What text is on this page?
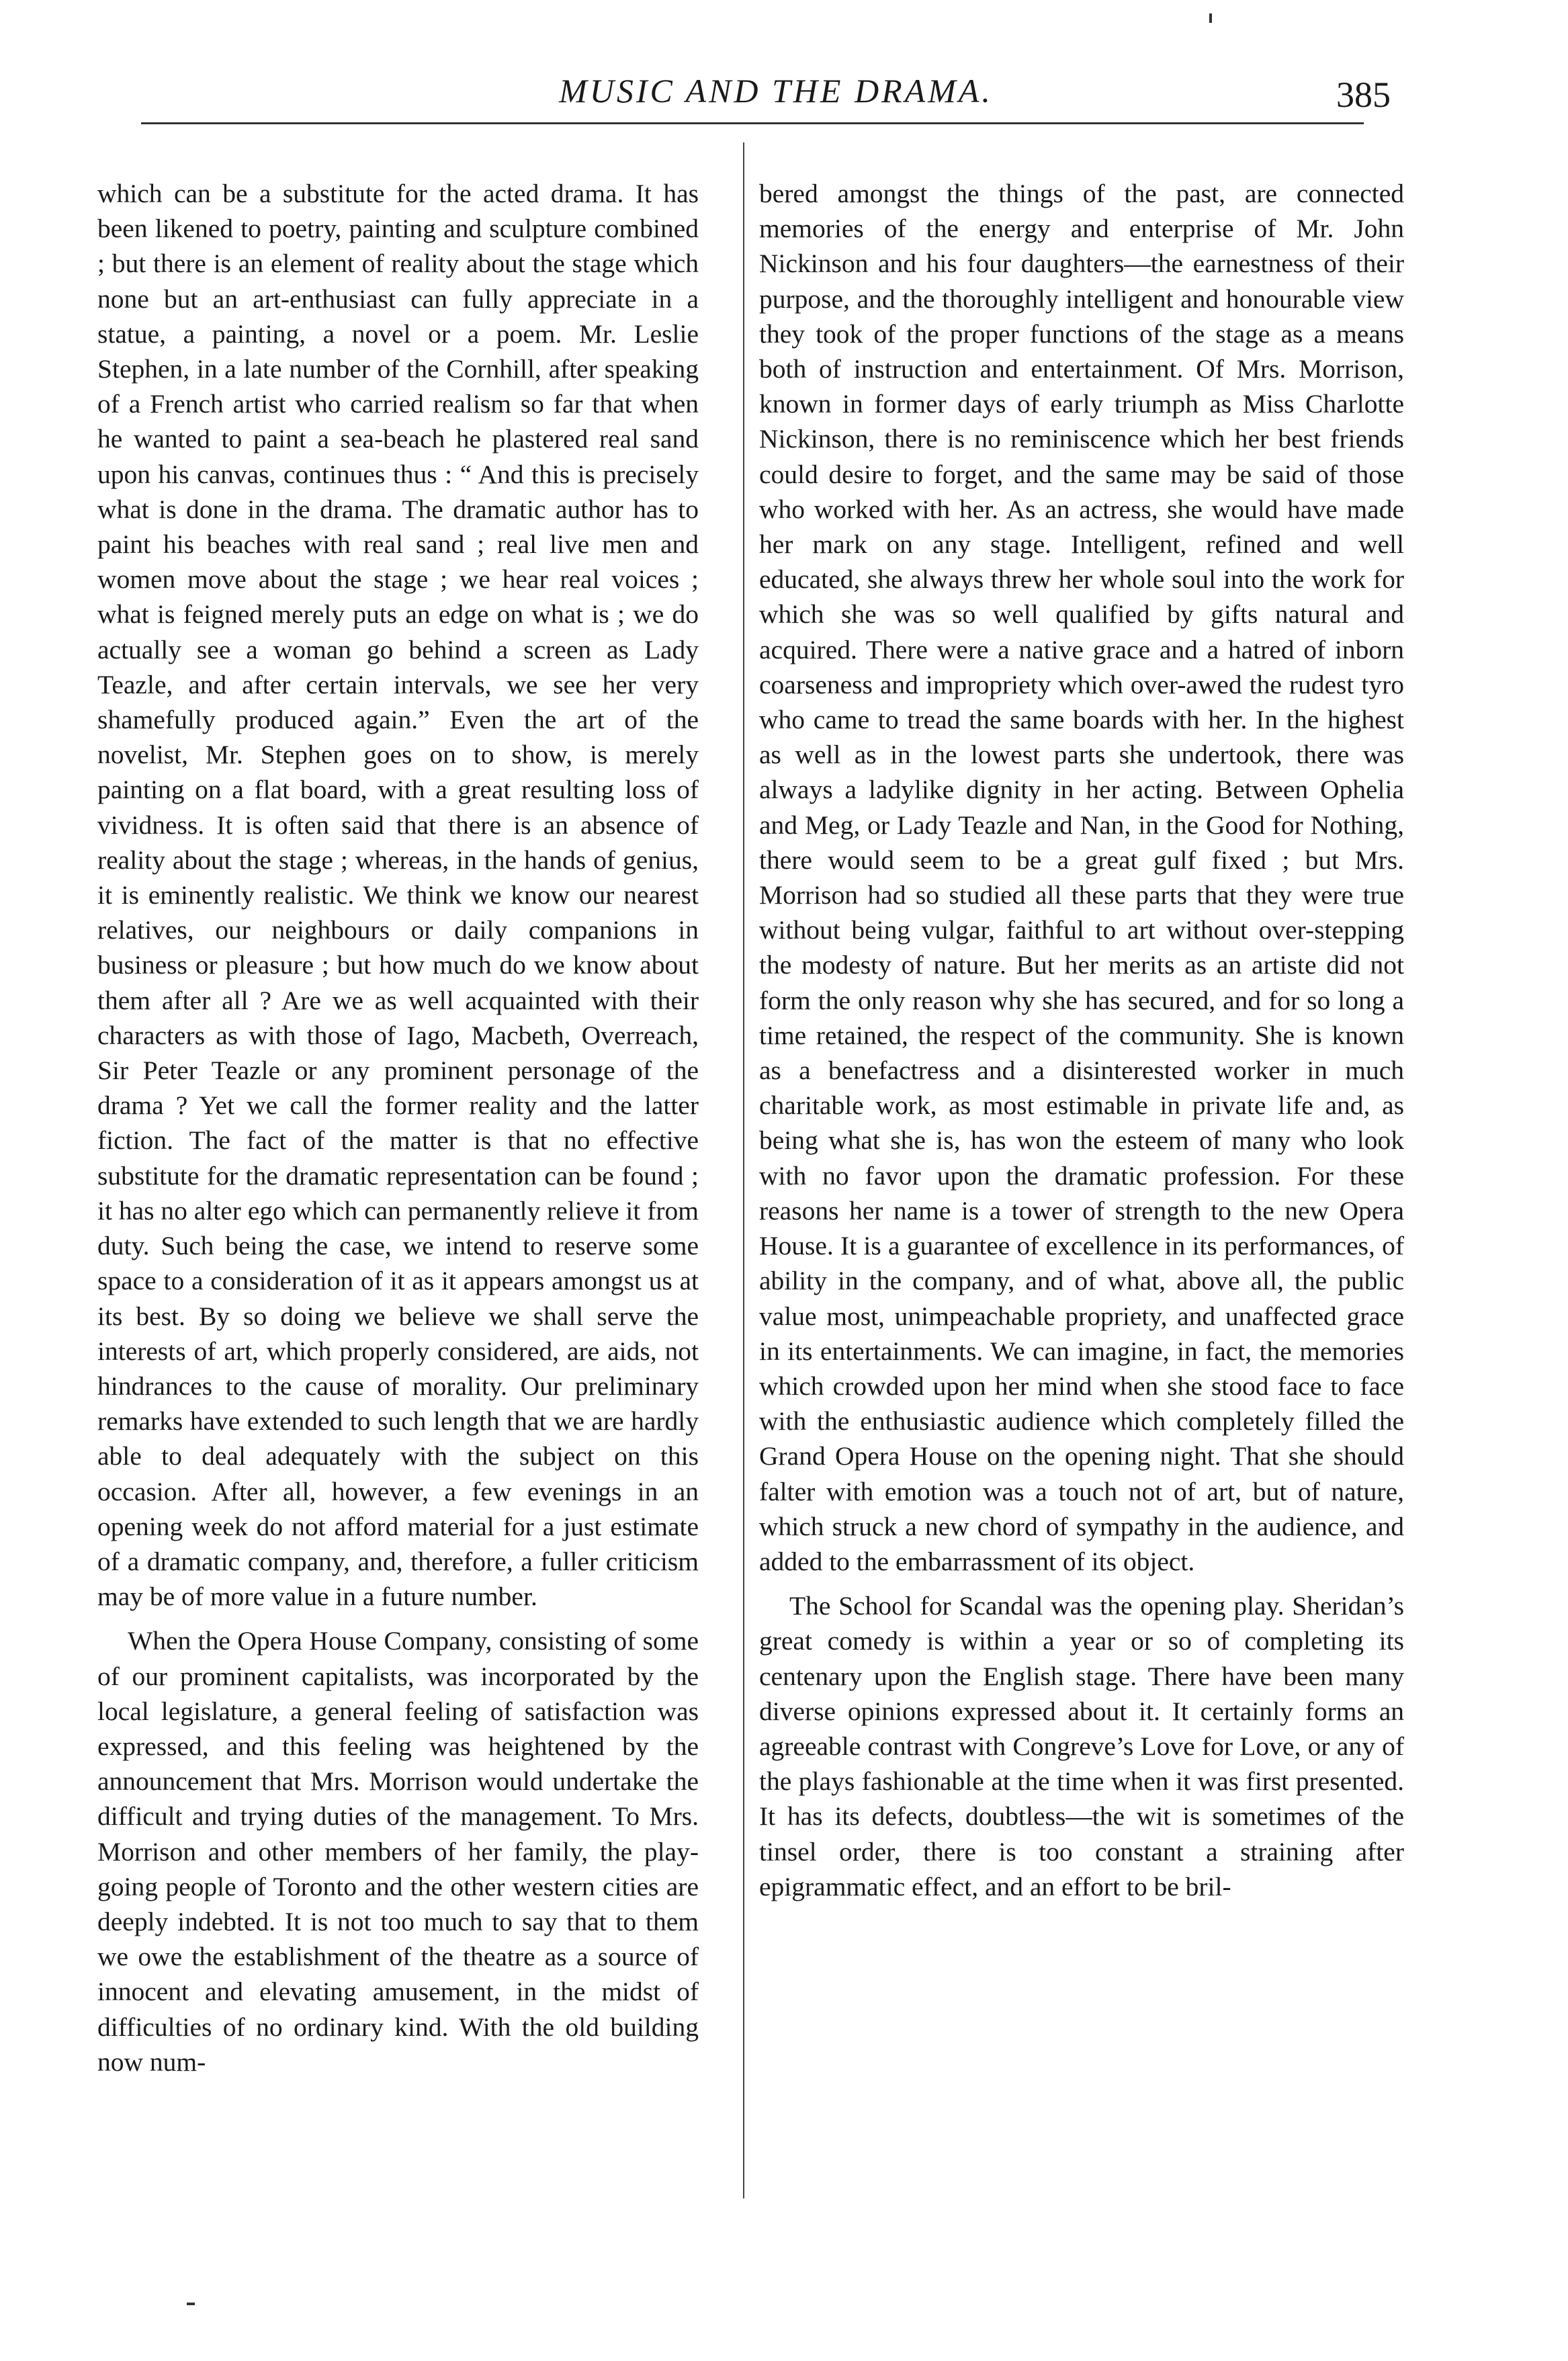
MUSIC AND THE DRAMA.	385

which can be a substitute for the acted drama. It has been likened to poetry, painting and sculpture combined ; but there is an element of reality about the stage which none but an art-enthusiast can fully appreciate in a statue, a painting, a novel or a poem. Mr. Leslie Stephen, in a late number of the Cornhill, after speaking of a French artist who carried realism so far that when he wanted to paint a sea-beach he plastered real sand upon his canvas, continues thus : “ And this is precisely what is done in the drama. The dramatic author has to paint his beaches with real sand ; real live men and women move about the stage ; we hear real voices ; what is feigned merely puts an edge on what is ; we do actually see a woman go behind a screen as Lady Teazle, and after certain intervals, we see her very shamefully produced again.” Even the art of the novelist, Mr. Stephen goes on to show, is merely painting on a flat board, with a great resulting loss of vividness. It is often said that there is an absence of reality about the stage ; whereas, in the hands of genius, it is eminently realistic. We think we know our nearest relatives, our neighbours or daily companions in business or pleasure ; but how much do we know about them after all ? Are we as well acquainted with their characters as with those of Iago, Macbeth, Overreach, Sir Peter Teazle or any prominent personage of the drama ? Yet we call the former reality and the latter fiction. The fact of the matter is that no effective substitute for the dramatic representation can be found ; it has no alter ego which can permanently relieve it from duty. Such being the case, we intend to reserve some space to a consideration of it as it appears amongst us at its best. By so doing we believe we shall serve the interests of art, which properly considered, are aids, not hindrances to the cause of morality. Our preliminary remarks have extended to such length that we are hardly able to deal adequately with the subject on this occasion. After all, however, a few evenings in an opening week do not afford material for a just estimate of a dramatic company, and, therefore, a fuller criticism may be of more value in a future number.

When the Opera House Company, consisting of some of our prominent capitalists, was incorporated by the local legislature, a general feeling of satisfaction was expressed, and this feeling was heightened by the announcement that Mrs. Morrison would undertake the difficult and trying duties of the management. To Mrs. Morrison and other members of her family, the play-going people of Toronto and the other western cities are deeply indebted. It is not too much to say that to them we owe the establishment of the theatre as a source of innocent and elevating amusement, in the midst of difficulties of no ordinary kind. With the old building now num-

bered amongst the things of the past, are connected memories of the energy and enterprise of Mr. John Nickinson and his four daughters—the earnestness of their purpose, and the thoroughly intelligent and honourable view they took of the proper functions of the stage as a means both of instruction and entertainment. Of Mrs. Morrison, known in former days of early triumph as Miss Charlotte Nickinson, there is no reminiscence which her best friends could desire to forget, and the same may be said of those who worked with her. As an actress, she would have made her mark on any stage. Intelligent, refined and well educated, she always threw her whole soul into the work for which she was so well qualified by gifts natural and acquired. There were a native grace and a hatred of inborn coarseness and impropriety which over-awed the rudest tyro who came to tread the same boards with her. In the highest as well as in the lowest parts she undertook, there was always a ladylike dignity in her acting. Between Ophelia and Meg, or Lady Teazle and Nan, in the Good for Nothing, there would seem to be a great gulf fixed ; but Mrs. Morrison had so studied all these parts that they were true without being vulgar, faithful to art without over-stepping the modesty of nature. But her merits as an artiste did not form the only reason why she has secured, and for so long a time retained, the respect of the community. She is known as a benefactress and a disinterested worker in much charitable work, as most estimable in private life and, as being what she is, has won the esteem of many who look with no favor upon the dramatic profession. For these reasons her name is a tower of strength to the new Opera House. It is a guarantee of excellence in its performances, of ability in the company, and of what, above all, the public value most, unimpeachable propriety, and unaffected grace in its entertainments. We can imagine, in fact, the memories which crowded upon her mind when she stood face to face with the enthusiastic audience which completely filled the Grand Opera House on the opening night. That she should falter with emotion was a touch not of art, but of nature, which struck a new chord of sympathy in the audience, and added to the embarrassment of its object.

The School for Scandal was the opening play. Sheridan’s great comedy is within a year or so of completing its centenary upon the English stage. There have been many diverse opinions expressed about it. It certainly forms an agreeable contrast with Congreve’s Love for Love, or any of the plays fashionable at the time when it was first presented. It has its defects, doubtless—the wit is sometimes of the tinsel order, there is too constant a straining after epigrammatic effect, and an effort to be bril-
